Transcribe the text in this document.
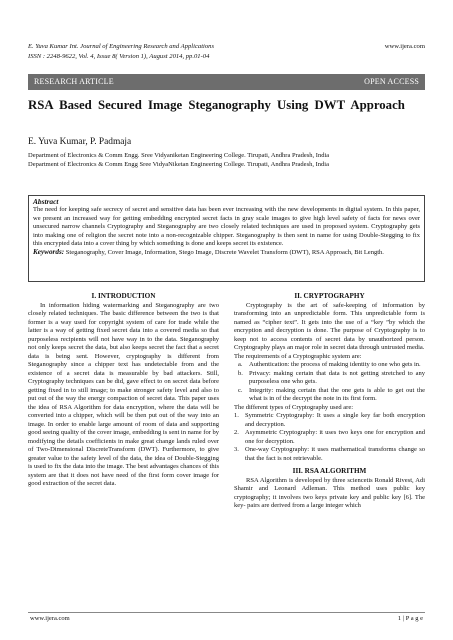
E. Yuva Kumar Int. Journal of Engineering Research and Applications
ISSN : 2248-9622, Vol. 4, Issue 8( Version 1), August 2014, pp.01-04
www.ijera.com
RESEARCH ARTICLE	OPEN ACCESS
RSA Based Secured Image Steganography Using DWT Approach
E. Yuva Kumar, P. Padmaja
Department of Electronics & Comm Engg. Sree Vidyaniketan Engineering College. Tirupati, Andhra Pradesh, India
Department of Electronics & Comm Engg Sree VidyaNiketan Engineering College. Tirupati, Andhra Pradesh, India
Abstract
The need for keeping safe secrecy of secret and sensitive data has been ever increasing with the new developments in digital system. In this paper, we present an increased way for getting embedding encrypted secret facts in gray scale images to give high level safety of facts for news over unsecured narrow channels Cryptography and Steganography are two closely related techniques are used in proposed system. Cryptography gets into making one of religion the secret note into a non-recognizable chipper. Steganography is then sent in name for using Double-Stegging to fix this encrypted data into a cover thing by which something is done and keeps secret its existence.
Keywords: Steganography, Cover Image, Information, Stego Image, Discrete Wavelet Transform (DWT), RSA Approach, Bit Length.
I. INTRODUCTION
In information hiding watermarking and Steganography are two closely related techniques. The basic difference between the two is that former is a way used for copyright system of care for trade while the latter is a way of getting fixed secret data into a covered media so that purposeless recipients will not have way in to the data. Steganography not only keeps secret the data, but also keeps secret the fact that a secret data is being sent. However, cryptography is different from Steganography since a chipper text has undetectable from and the existence of a secret data is measurable by bad attackers. Still, Cryptography techniques can be did, gave effect to on secret data before getting fixed in to still image; to make stronger safety level and also to put out of the way the energy compaction of secret data. This paper uses the idea of RSA Algorithm for data encryption, where the data will be converted into a chipper, which will be then put out of the way into an image. In order to enable large amount of room of data and supporting good seeing quality of the cover image, embedding is sent in name for by modifying the details coefficients in make great change lands ruled over of Two-Dimensional DiscreteTransform (DWT). Furthermore, to give greater value to the safety level of the data, the idea of Double-Stegging is used to fix the data into the image. The best advantages chances of this system are that it does not have need of the first form cover image for good extraction of the secret data.
II. CRYPTOGRAPHY
Cryptography is the art of safe-keeping of information by transforming into an unpredictable form. This unpredictable form is named as “cipher text”. It gets into the use of a “key ”by which the encryption and decryption is done. The purpose of Cryptography is to keep not to access contents of secret data by unauthorized person. Cryptography plays an major role in secret data through untrusted media.
The requirements of a Cryptographic system are:
a. Authentication: the process of making identity to one who gets in.
b. Privacy: making certain that data is not getting stretched to any purposeless one who gets.
c. Integrity: making certain that the one gets is able to get out the what is in of the decrypt the note in its first form.
The different types of Cryptography used are:
1. Symmetric Cryptography: It uses a single key far both encryption and decryption.
2. Asymmetric Cryptography: it uses two keys one for encryption and one for decryption.
3. One-way Cryptography: it uses mathematical transforms change so that the fact is not retrievable.
III. RSA ALGORITHM
RSA Algorithm is developed by three sciencetis Ronald Rivest, Adi Shamir and Leonard Adleman. This method uses public key cryptography; it involves two keys private key and public key [6]. The key- pairs are derived from a large integer which
www.ijera.com	1 | P a g e
